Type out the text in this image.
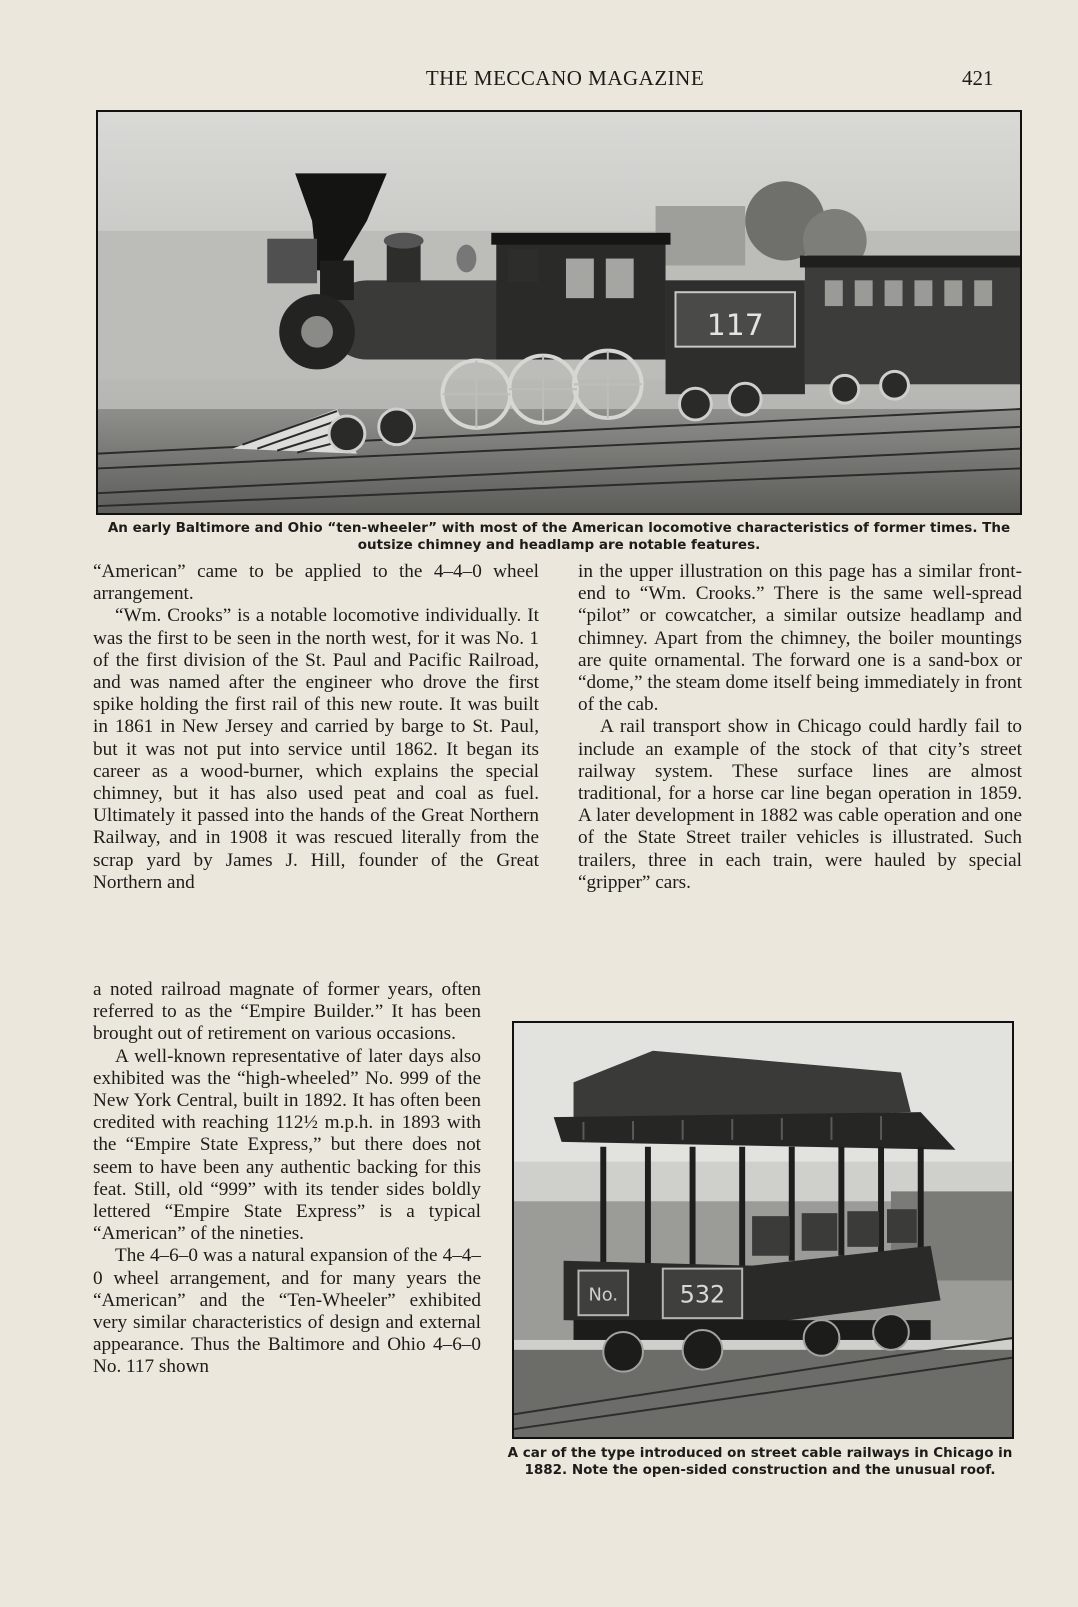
THE MECCANO MAGAZINE	421
117
An early Baltimore and Ohio “ten-wheeler” with most of the American locomotive characteristics of former times. The outsize chimney and headlamp are notable features.

“American” came to be applied to the 4–4–0 wheel arrangement.

“Wm. Crooks” is a notable locomotive individually. It was the first to be seen in the north west, for it was No. 1 of the first division of the St. Paul and Pacific Railroad, and was named after the engineer who drove the first spike holding the first rail of this new route. It was built in 1861 in New Jersey and carried by barge to St. Paul, but it was not put into service until 1862. It began its career as a wood-burner, which explains the special chimney, but it has also used peat and coal as fuel. Ultimately it passed into the hands of the Great Northern Railway, and in 1908 it was rescued literally from the scrap yard by James J. Hill, founder of the Great Northern and

a noted railroad magnate of former years, often referred to as the “Empire Builder.” It has been brought out of retirement on various occasions.

A well-known representative of later days also exhibited was the “high-wheeled” No. 999 of the New York Central, built in 1892. It has often been credited with reaching 112½ m.p.h. in 1893 with the “Empire State Express,” but there does not seem to have been any authentic backing for this feat. Still, old “999” with its tender sides boldly lettered “Empire State Express” is a typical “American” of the nineties.

The 4–6–0 was a natural expansion of the 4–4–0 wheel arrangement, and for many years the “American” and the “Ten-Wheeler” exhibited very similar characteristics of design and external appearance. Thus the Baltimore and Ohio 4–6–0 No. 117 shown

in the upper illustration on this page has a similar front-end to “Wm. Crooks.” There is the same well-spread “pilot” or cowcatcher, a similar outsize headlamp and chimney. Apart from the chimney, the boiler mountings are quite ornamental. The forward one is a sand-box or “dome,” the steam dome itself being immediately in front of the cab.

A rail transport show in Chicago could hardly fail to include an example of the stock of that city’s street railway system. These surface lines are almost traditional, for a horse car line began operation in 1859. A later development in 1882 was cable operation and one of the State Street trailer vehicles is illustrated. Such trailers, three in each train, were hauled by special “gripper” cars.

No.	532
A car of the type introduced on street cable railways in Chicago in 1882. Note the open-sided construction and the unusual roof.
